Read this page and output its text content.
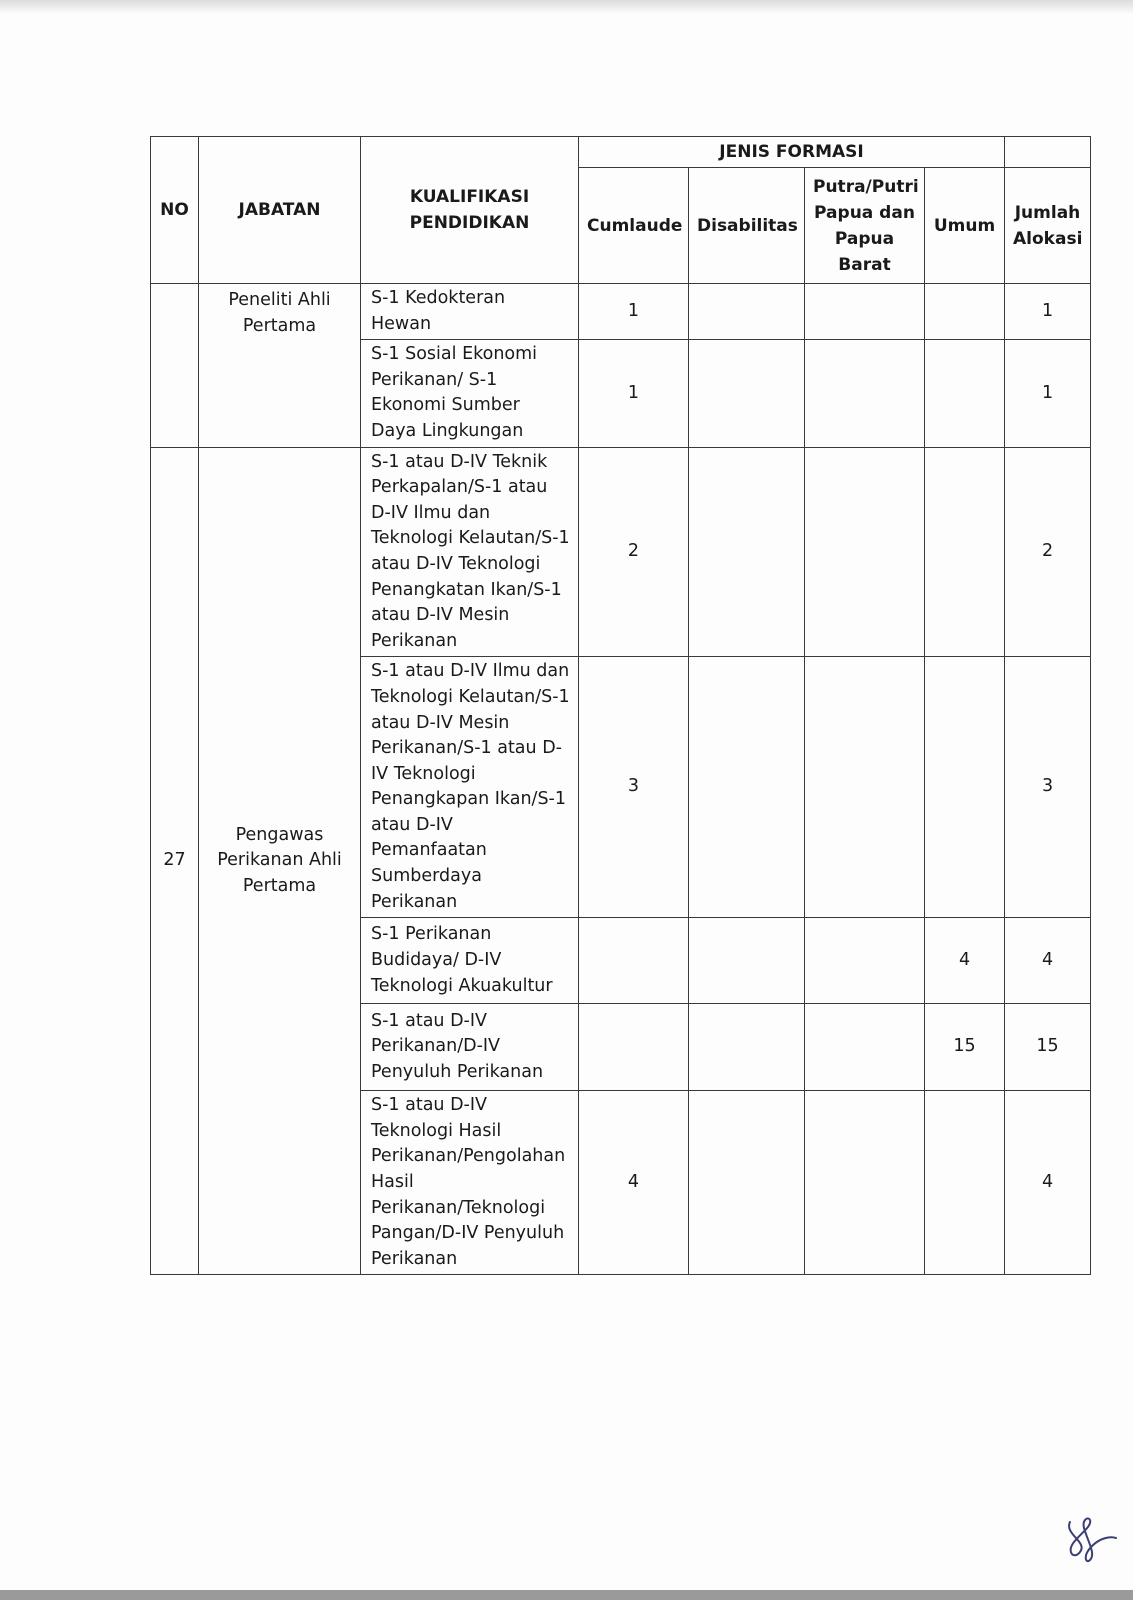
NO	JABATAN	KUALIFIKASI PENDIDIKAN	JENIS FORMASI				
			Cumlaude	Disabilitas	Putra/Putri Papua dan Papua Barat	Umum	Jumlah Alokasi
	Peneliti Ahli Pertama	S-1 Kedokteran Hewan	1				1
		S-1 Sosial Ekonomi Perikanan/ S-1 Ekonomi Sumber Daya Lingkungan	1				1
27	Pengawas Perikanan Ahli Pertama	S-1 atau D-IV Teknik Perkapalan/S-1 atau D-IV Ilmu dan Teknologi Kelautan/S-1 atau D-IV Teknologi Penangkatan Ikan/S-1 atau D-IV Mesin Perikanan	2				2
		S-1 atau D-IV Ilmu dan Teknologi Kelautan/S-1 atau D-IV Mesin Perikanan/S-1 atau D-IV Teknologi Penangkapan Ikan/S-1 atau D-IV Pemanfaatan Sumberdaya Perikanan	3				3
		S-1 Perikanan Budidaya/ D-IV Teknologi Akuakultur				4	4
		S-1 atau D-IV Perikanan/D-IV Penyuluh Perikanan				15	15
		S-1 atau D-IV Teknologi Hasil Perikanan/Pengolahan Hasil Perikanan/Teknologi Pangan/D-IV Penyuluh Perikanan	4				4
